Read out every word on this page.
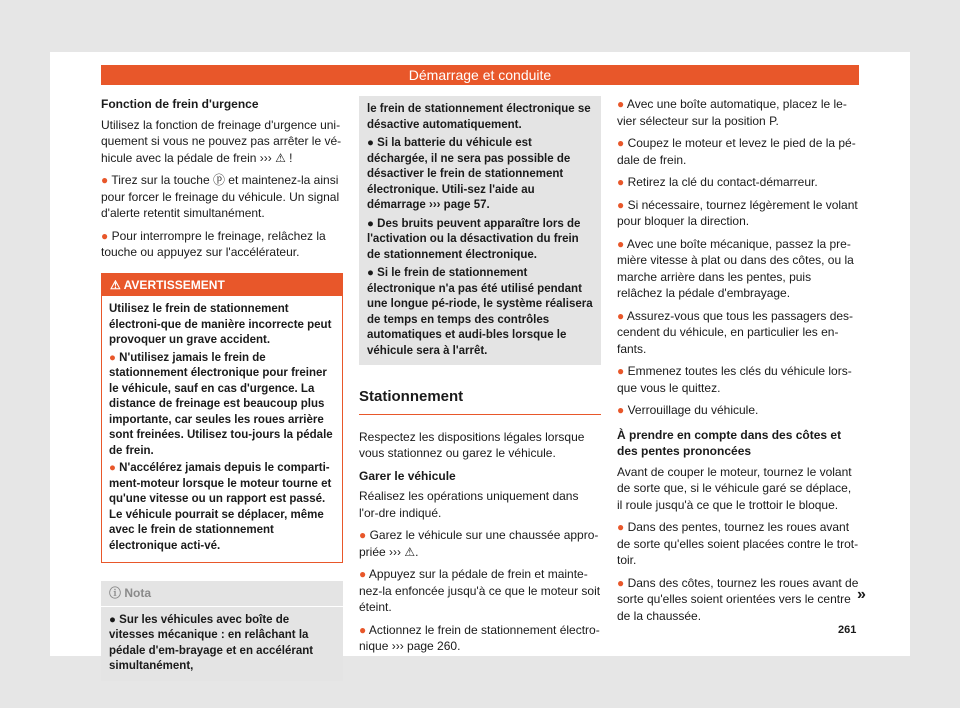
Démarrage et conduite

Fonction de frein d'urgence

Utilisez la fonction de freinage d'urgence uni-quement si vous ne pouvez pas arrêter le vé-hicule avec la pédale de frein ››› ⚠ !

● Tirez sur la touche ⓟ et maintenez-la ainsi pour forcer le freinage du véhicule. Un signal d'alerte retentit simultanément.

● Pour interrompre le freinage, relâchez la touche ou appuyez sur l'accélérateur.

⚠ AVERTISSEMENT

Utilisez le frein de stationnement électroni-que de manière incorrecte peut provoquer un grave accident.

● N'utilisez jamais le frein de stationnement électronique pour freiner le véhicule, sauf en cas d'urgence. La distance de freinage est beaucoup plus importante, car seules les roues arrière sont freinées. Utilisez tou-jours la pédale de frein.

● N'accélérez jamais depuis le comparti-ment-moteur lorsque le moteur tourne et qu'une vitesse ou un rapport est passé. Le véhicule pourrait se déplacer, même avec le frein de stationnement électronique acti-vé.

ⓘ Nota

● Sur les véhicules avec boîte de vitesses mécanique : en relâchant la pédale d'em-brayage et en accélérant simultanément,

le frein de stationnement électronique se désactive automatiquement.

● Si la batterie du véhicule est déchargée, il ne sera pas possible de désactiver le frein de stationnement électronique. Utili-sez l'aide au démarrage ››› page 57.

● Des bruits peuvent apparaître lors de l'activation ou la désactivation du frein de stationnement électronique.

● Si le frein de stationnement électronique n'a pas été utilisé pendant une longue pé-riode, le système réalisera de temps en temps des contrôles automatiques et audi-bles lorsque le véhicule sera à l'arrêt.

Stationnement

Respectez les dispositions légales lorsque vous stationnez ou garez le véhicule.

Garer le véhicule

Réalisez les opérations uniquement dans l'or-dre indiqué.

● Garez le véhicule sur une chaussée appro-priée ››› ⚠.

● Appuyez sur la pédale de frein et mainte-nez-la enfoncée jusqu'à ce que le moteur soit éteint.

● Actionnez le frein de stationnement électro-nique ››› page 260.

● Avec une boîte automatique, placez le le-vier sélecteur sur la position P.

● Coupez le moteur et levez le pied de la pé-dale de frein.

● Retirez la clé du contact-démarreur.

● Si nécessaire, tournez légèrement le volant pour bloquer la direction.

● Avec une boîte mécanique, passez la pre-mière vitesse à plat ou dans des côtes, ou la marche arrière dans les pentes, puis relâchez la pédale d'embrayage.

● Assurez-vous que tous les passagers des-cendent du véhicule, en particulier les en-fants.

● Emmenez toutes les clés du véhicule lors-que vous le quittez.

● Verrouillage du véhicule.

À prendre en compte dans des côtes et des pentes prononcées

Avant de couper le moteur, tournez le volant de sorte que, si le véhicule garé se déplace, il roule jusqu'à ce que le trottoir le bloque.

● Dans des pentes, tournez les roues avant de sorte qu'elles soient placées contre le trot-toir.

● Dans des côtes, tournez les roues avant de sorte qu'elles soient orientées vers le centre de la chaussée.

»
261
